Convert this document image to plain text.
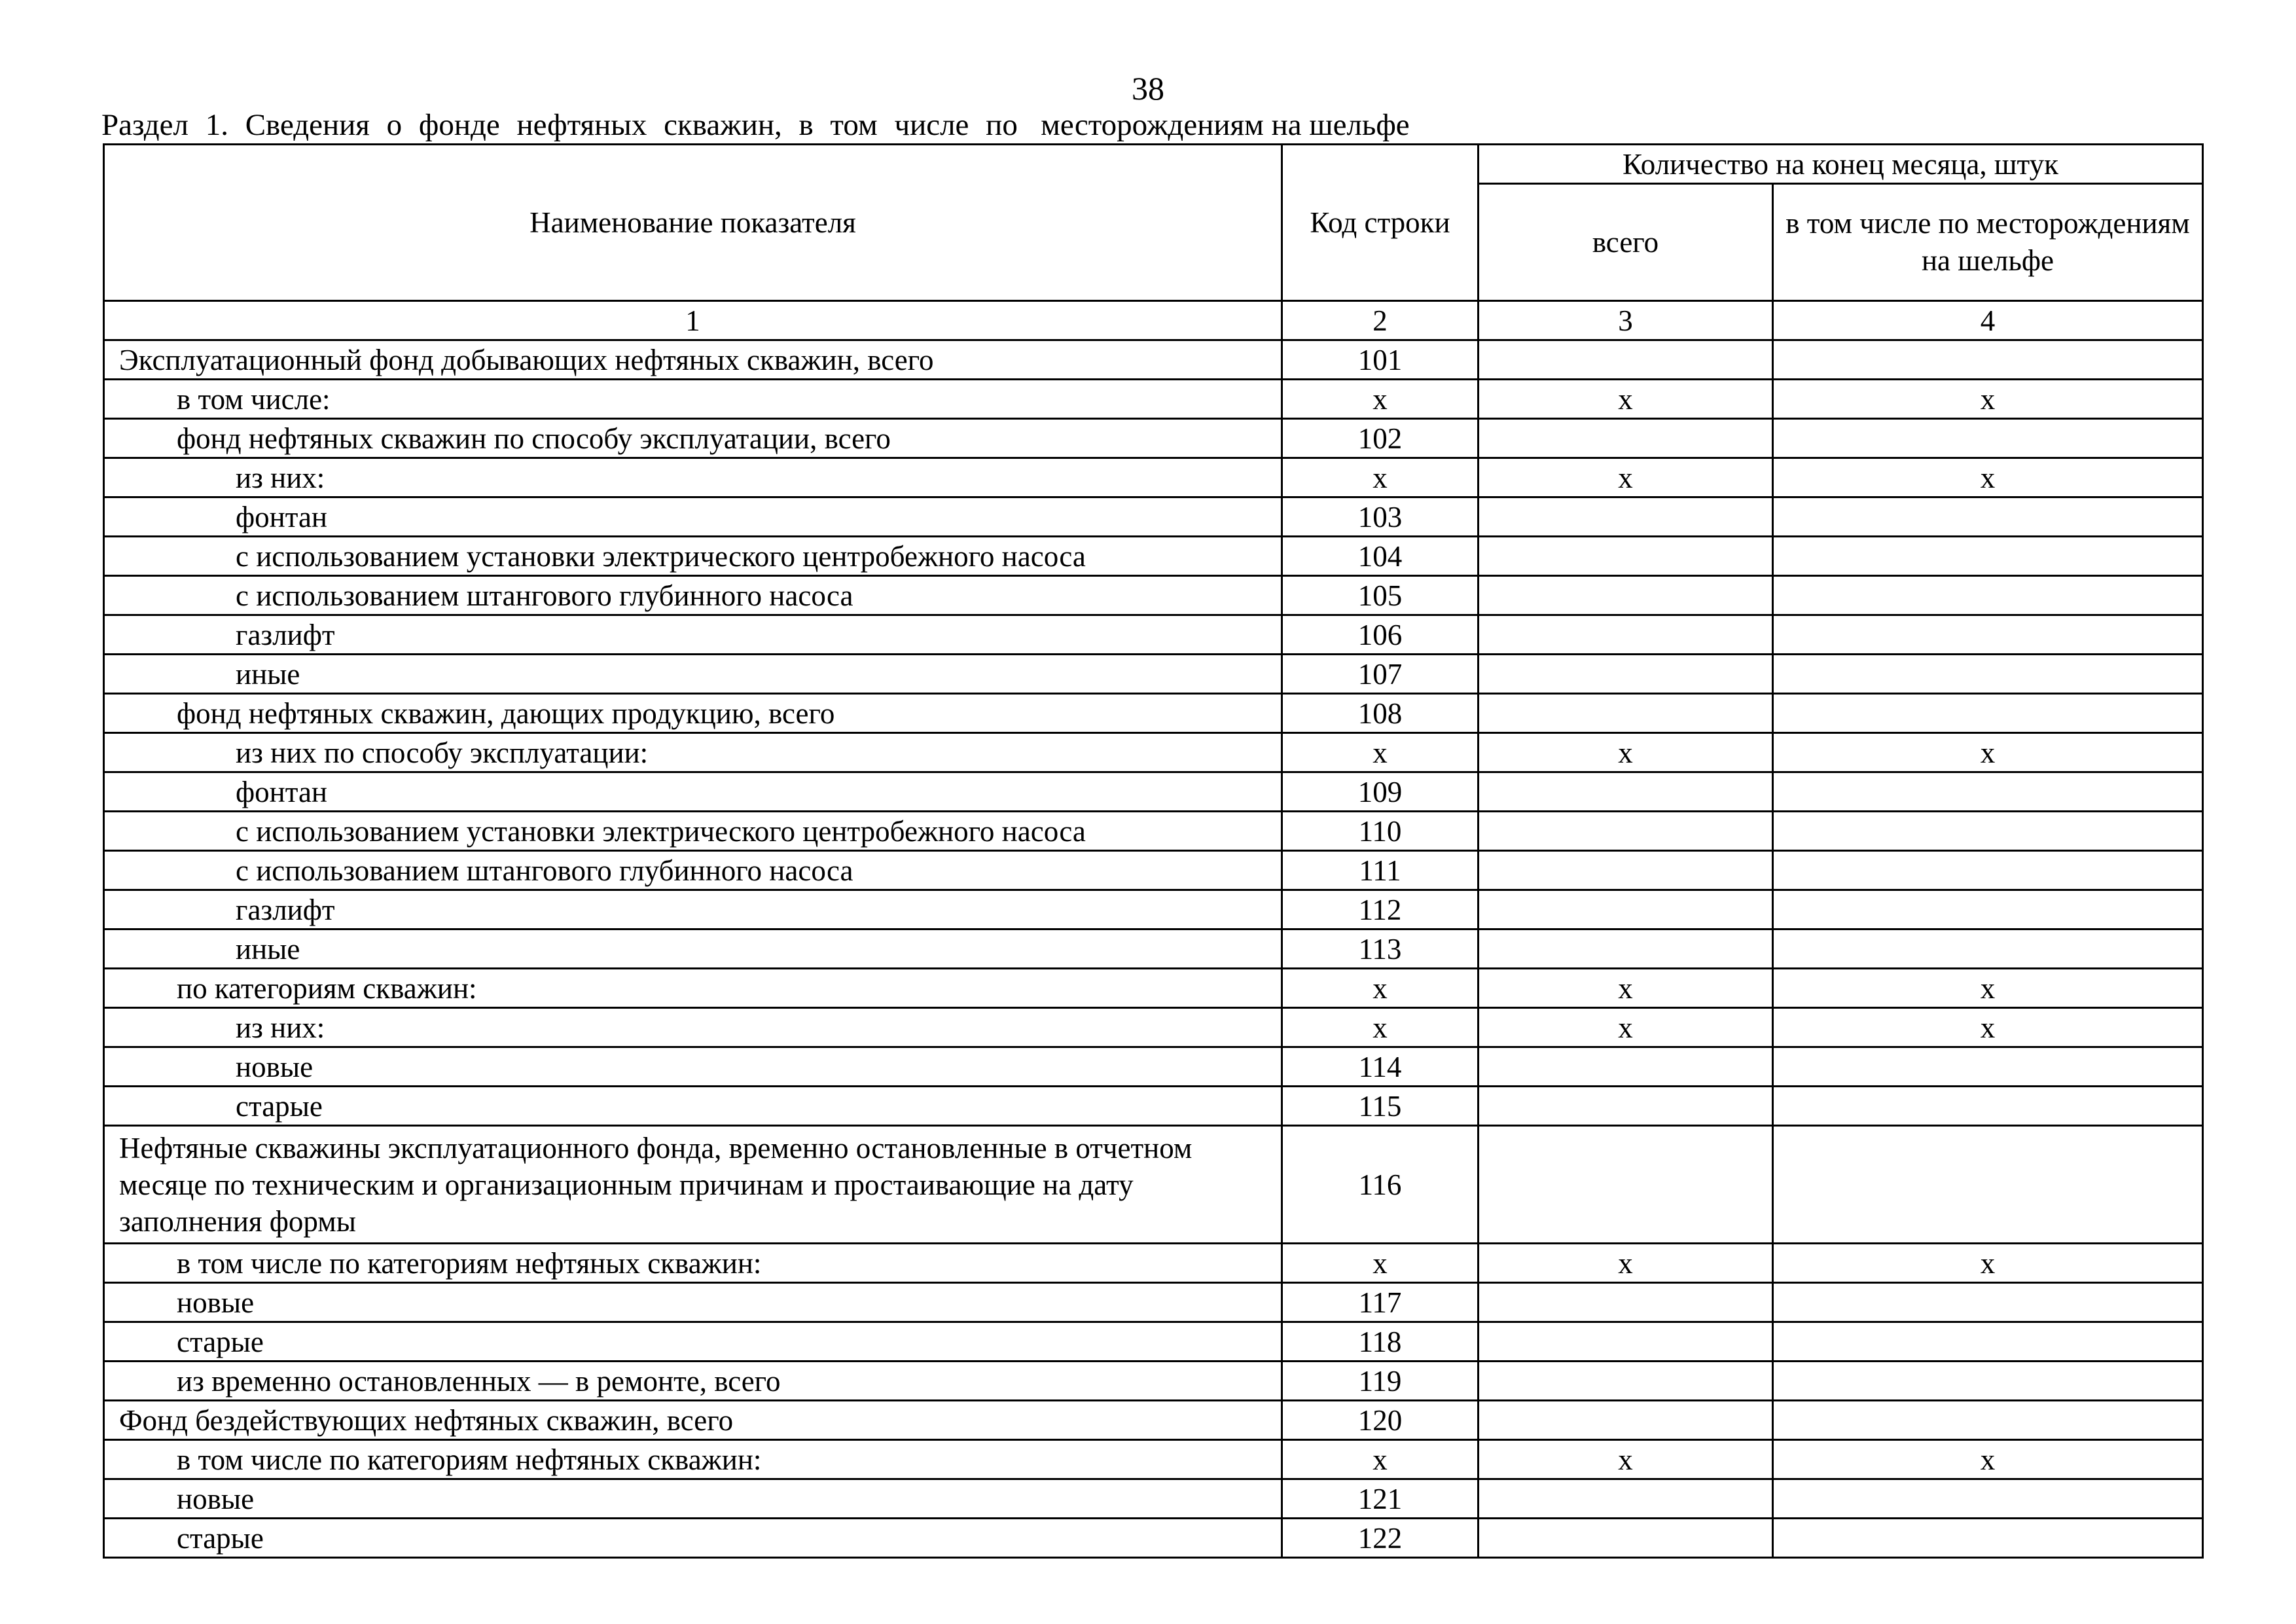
38
Раздел 1. Сведения о фонде нефтяных скважин, в том числе по месторождениям на шельфе
Наименование показателя	Код строки	Количество на конец месяца, штук	
		всего	в том числе по месторождениям на шельфе
1	2	3	4
Эксплуатационный фонд добывающих нефтяных скважин, всего	101		
в том числе:	х	х	х
фонд нефтяных скважин по способу эксплуатации, всего	102		
из них:	х	х	х
фонтан	103		
с использованием установки электрического центробежного насоса	104		
с использованием штангового глубинного насоса	105		
газлифт	106		
иные	107		
фонд нефтяных скважин, дающих продукцию, всего	108		
из них по способу эксплуатации:	х	х	х
фонтан	109		
с использованием установки электрического центробежного насоса	110		
с использованием штангового глубинного насоса	111		
газлифт	112		
иные	113		
по категориям скважин:	х	х	х
из них:	х	х	х
новые	114		
старые	115		
Нефтяные скважины эксплуатационного фонда, временно остановленные в отчетном месяце по техническим и организационным причинам и простаивающие на дату заполнения формы	116		
в том числе по категориям нефтяных скважин:	х	х	х
новые	117		
старые	118		
из временно остановленных — в ремонте, всего	119		
Фонд бездействующих нефтяных скважин, всего	120		
в том числе по категориям нефтяных скважин:	х	х	х
новые	121		
старые	122		
